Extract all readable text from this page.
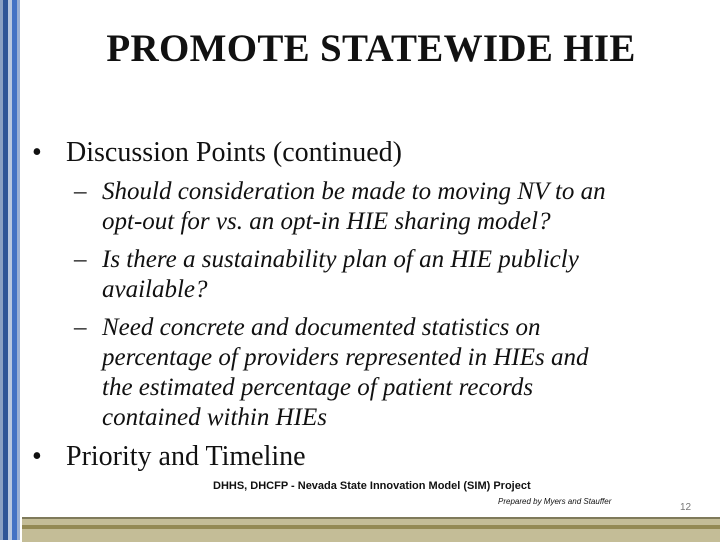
PROMOTE STATEWIDE HIE
• Discussion Points (continued)
– Should consideration be made to moving NV to an
opt-out for vs. an opt-in HIE sharing model?
– Is there a sustainability plan of an HIE publicly
available?
– Need concrete and documented statistics on
percentage of providers represented in HIEs and
the estimated percentage of patient records
contained within HIEs
• Priority and Timeline
DHHS, DHCFP - Nevada State Innovation Model (SIM) Project
Prepared by Myers and Stauffer
12
